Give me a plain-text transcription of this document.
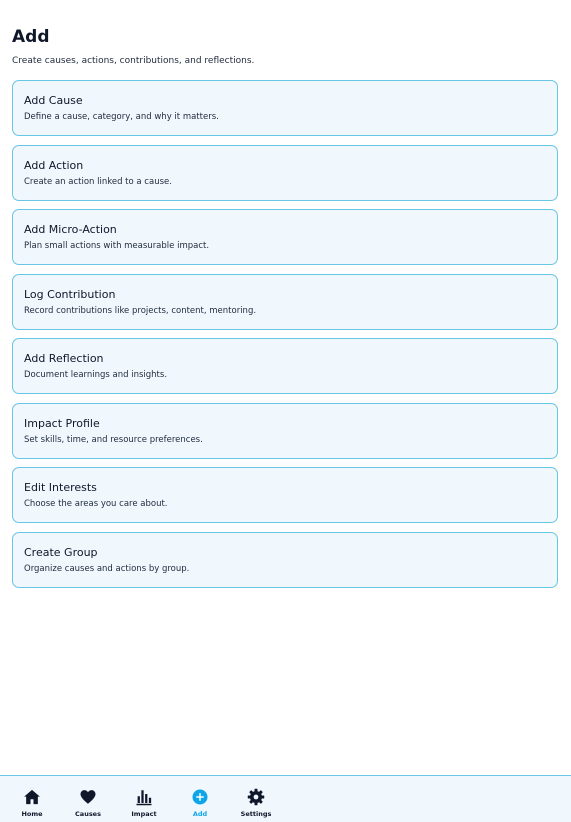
Add
Create causes, actions, contributions, and reflections.
Add Cause
Define a cause, category, and why it matters.
Add Action
Create an action linked to a cause.
Add Micro-Action
Plan small actions with measurable impact.
Log Contribution
Record contributions like projects, content, mentoring.
Add Reflection
Document learnings and insights.
Impact Profile
Set skills, time, and resource preferences.
Edit Interests
Choose the areas you care about.
Create Group
Organize causes and actions by group.
Home	Causes	Impact	Add	Settings
